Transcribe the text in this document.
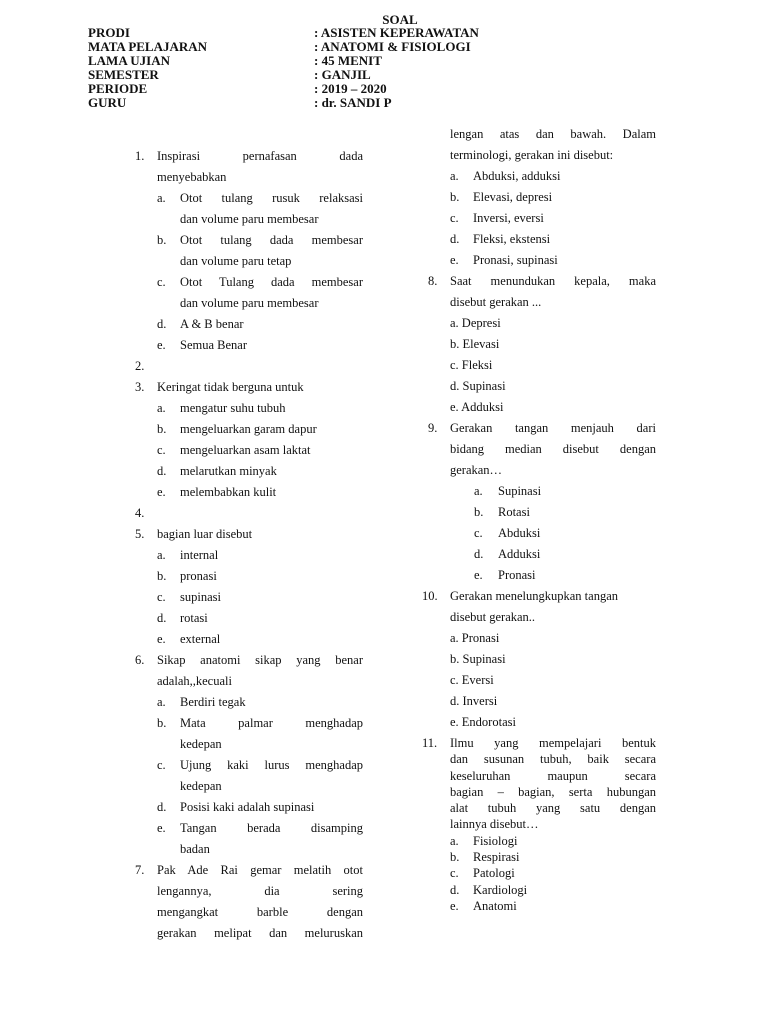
SOAL
PRODI	: ASISTEN KEPERAWATAN
MATA PELAJARAN	: ANATOMI & FISIOLOGI
LAMA UJIAN	: 45 MENIT
SEMESTER	: GANJIL
PERIODE	: 2019 – 2020
GURU	: dr. SANDI P
1. Inspirasi pernafasan dada
menyebabkan
a. Otot tulang rusuk relaksasi
dan volume paru membesar
b. Otot tulang dada membesar
dan volume paru tetap
c. Otot Tulang dada membesar
dan volume paru membesar
d. A & B benar
e. Semua Benar
2.
3. Keringat tidak berguna untuk
a. mengatur suhu tubuh
b. mengeluarkan garam dapur
c. mengeluarkan asam laktat
d. melarutkan minyak
e. melembabkan kulit
4.
5. bagian luar disebut
a. internal
b. pronasi
c. supinasi
d. rotasi
e. external
6. Sikap anatomi sikap yang benar
adalah,,kecuali
a. Berdiri tegak
b. Mata palmar menghadap
kedepan
c. Ujung kaki lurus menghadap
kedepan
d. Posisi kaki adalah supinasi
e. Tangan berada disamping
badan
7. Pak Ade Rai gemar melatih otot
lengannya, dia sering
mengangkat barble dengan
gerakan melipat dan meluruskan
lengan atas dan bawah. Dalam
terminologi, gerakan ini disebut:
a. Abduksi, adduksi
b. Elevasi, depresi
c. Inversi, eversi
d. Fleksi, ekstensi
e. Pronasi, supinasi
8. Saat menundukan kepala, maka
disebut gerakan ...
a. Depresi
b. Elevasi
c. Fleksi
d. Supinasi
e. Adduksi
9. Gerakan tangan menjauh dari
bidang median disebut dengan
gerakan…
a. Supinasi
b. Rotasi
c. Abduksi
d. Adduksi
e. Pronasi
10. Gerakan menelungkupkan tangan
disebut gerakan..
a. Pronasi
b. Supinasi
c. Eversi
d. Inversi
e. Endorotasi
11. Ilmu yang mempelajari bentuk
dan susunan tubuh, baik secara
keseluruhan maupun secara
bagian – bagian, serta hubungan
alat tubuh yang satu dengan
lainnya disebut…
a. Fisiologi
b. Respirasi
c. Patologi
d. Kardiologi
e. Anatomi
